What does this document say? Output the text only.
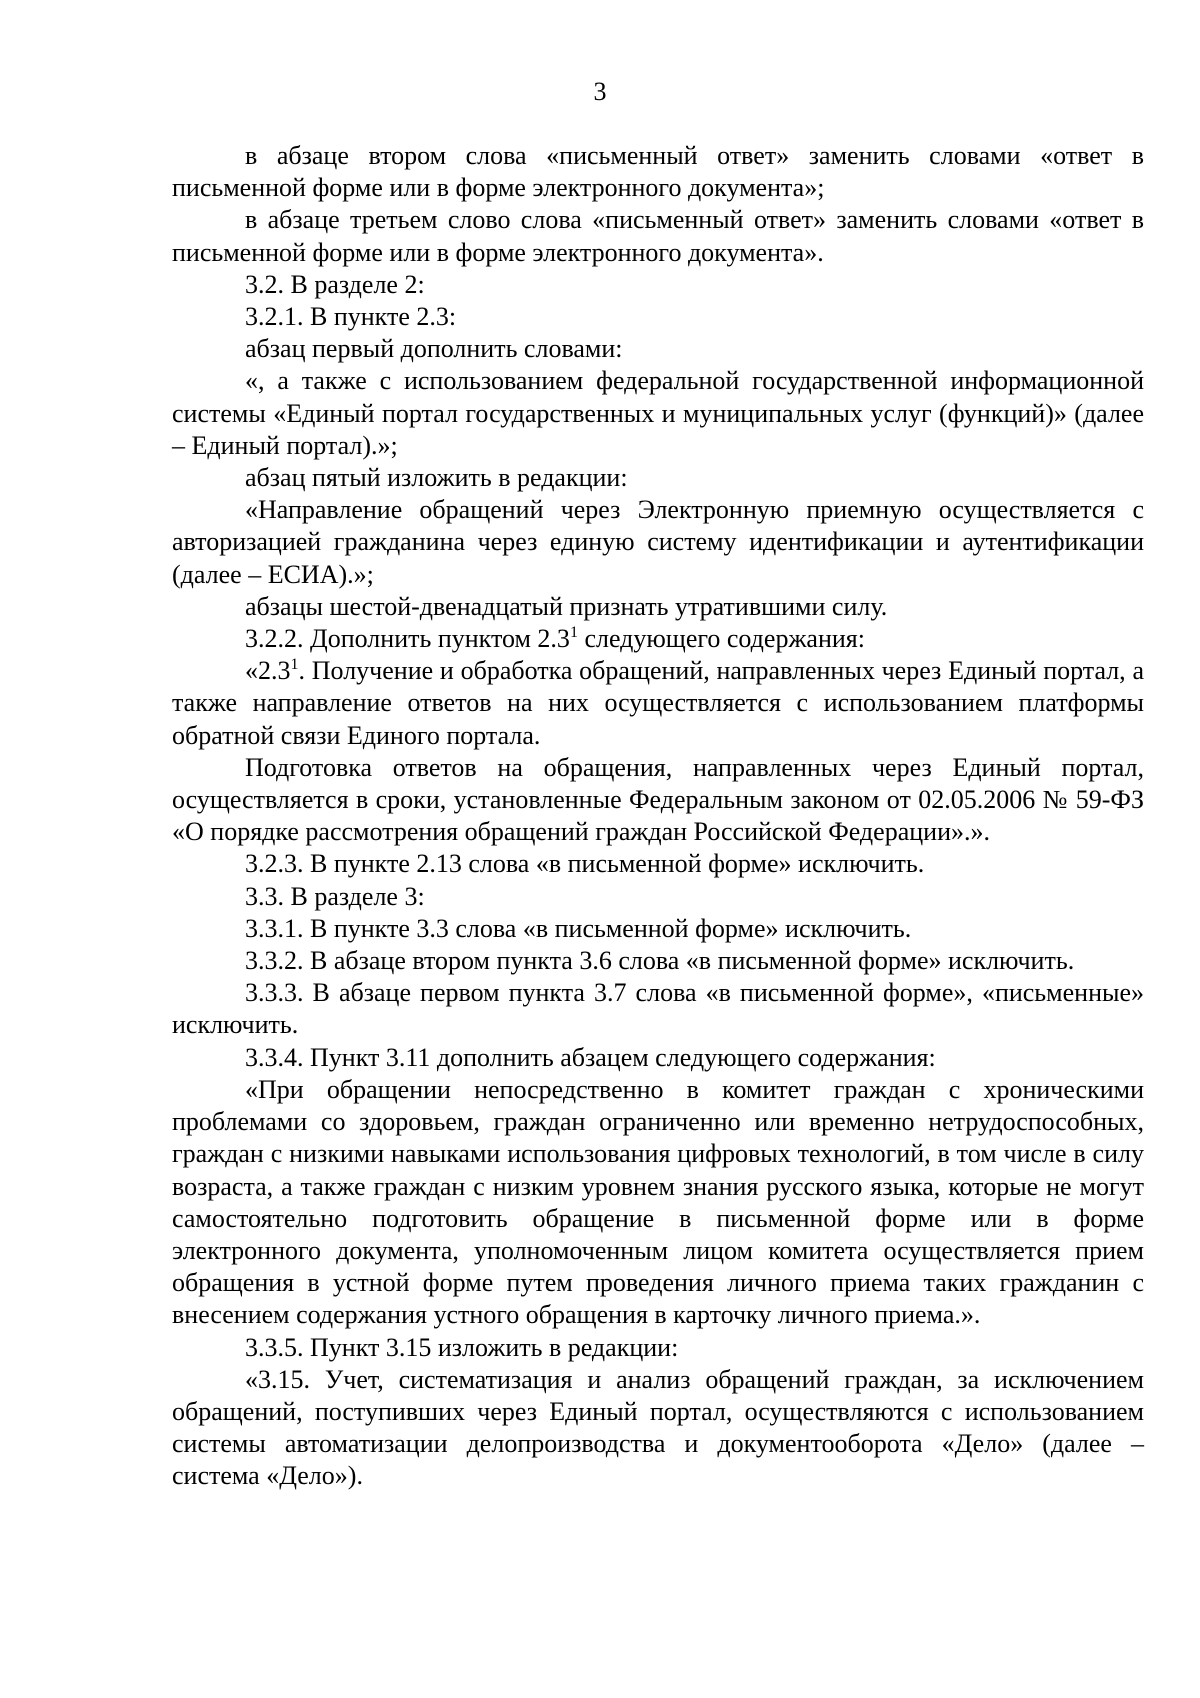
3

в абзаце втором слова «письменный ответ» заменить словами «ответ в письменной форме или в форме электронного документа»;

в абзаце третьем слово слова «письменный ответ» заменить словами «ответ в письменной форме или в форме электронного документа».

3.2. В разделе 2:

3.2.1. В пункте 2.3:

абзац первый дополнить словами:

«, а также с использованием федеральной государственной информационной системы «Единый портал государственных и муниципальных услуг (функций)» (далее – Единый портал).»;

абзац пятый изложить в редакции:

«Направление обращений через Электронную приемную осуществляется с авторизацией гражданина через единую систему идентификации и аутентификации (далее – ЕСИА).»;

абзацы шестой-двенадцатый признать утратившими силу.

3.2.2. Дополнить пунктом $2.3^1$ следующего содержания:

«$2.3^1$. Получение и обработка обращений, направленных через Единый портал, а также направление ответов на них осуществляется с использованием платформы обратной связи Единого портала.

Подготовка ответов на обращения, направленных через Единый портал, осуществляется в сроки, установленные Федеральным законом от 02.05.2006 № 59-ФЗ «О порядке рассмотрения обращений граждан Российской Федерации».».

3.2.3. В пункте 2.13 слова «в письменной форме» исключить.

3.3. В разделе 3:

3.3.1. В пункте 3.3 слова «в письменной форме» исключить.

3.3.2. В абзаце втором пункта 3.6 слова «в письменной форме» исключить.

3.3.3. В абзаце первом пункта 3.7 слова «в письменной форме», «письменные» исключить.

3.3.4. Пункт 3.11 дополнить абзацем следующего содержания:

«При обращении непосредственно в комитет граждан с хроническими проблемами со здоровьем, граждан ограниченно или временно нетрудоспособных, граждан с низкими навыками использования цифровых технологий, в том числе в силу возраста, а также граждан с низким уровнем знания русского языка, которые не могут самостоятельно подготовить обращение в письменной форме или в форме электронного документа, уполномоченным лицом комитета осуществляется прием обращения в устной форме путем проведения личного приема таких гражданин с внесением содержания устного обращения в карточку личного приема.».

3.3.5. Пункт 3.15 изложить в редакции:

«3.15. Учет, систематизация и анализ обращений граждан, за исключением обращений, поступивших через Единый портал, осуществляются с использованием системы автоматизации делопроизводства и документооборота «Дело» (далее – система «Дело»).
